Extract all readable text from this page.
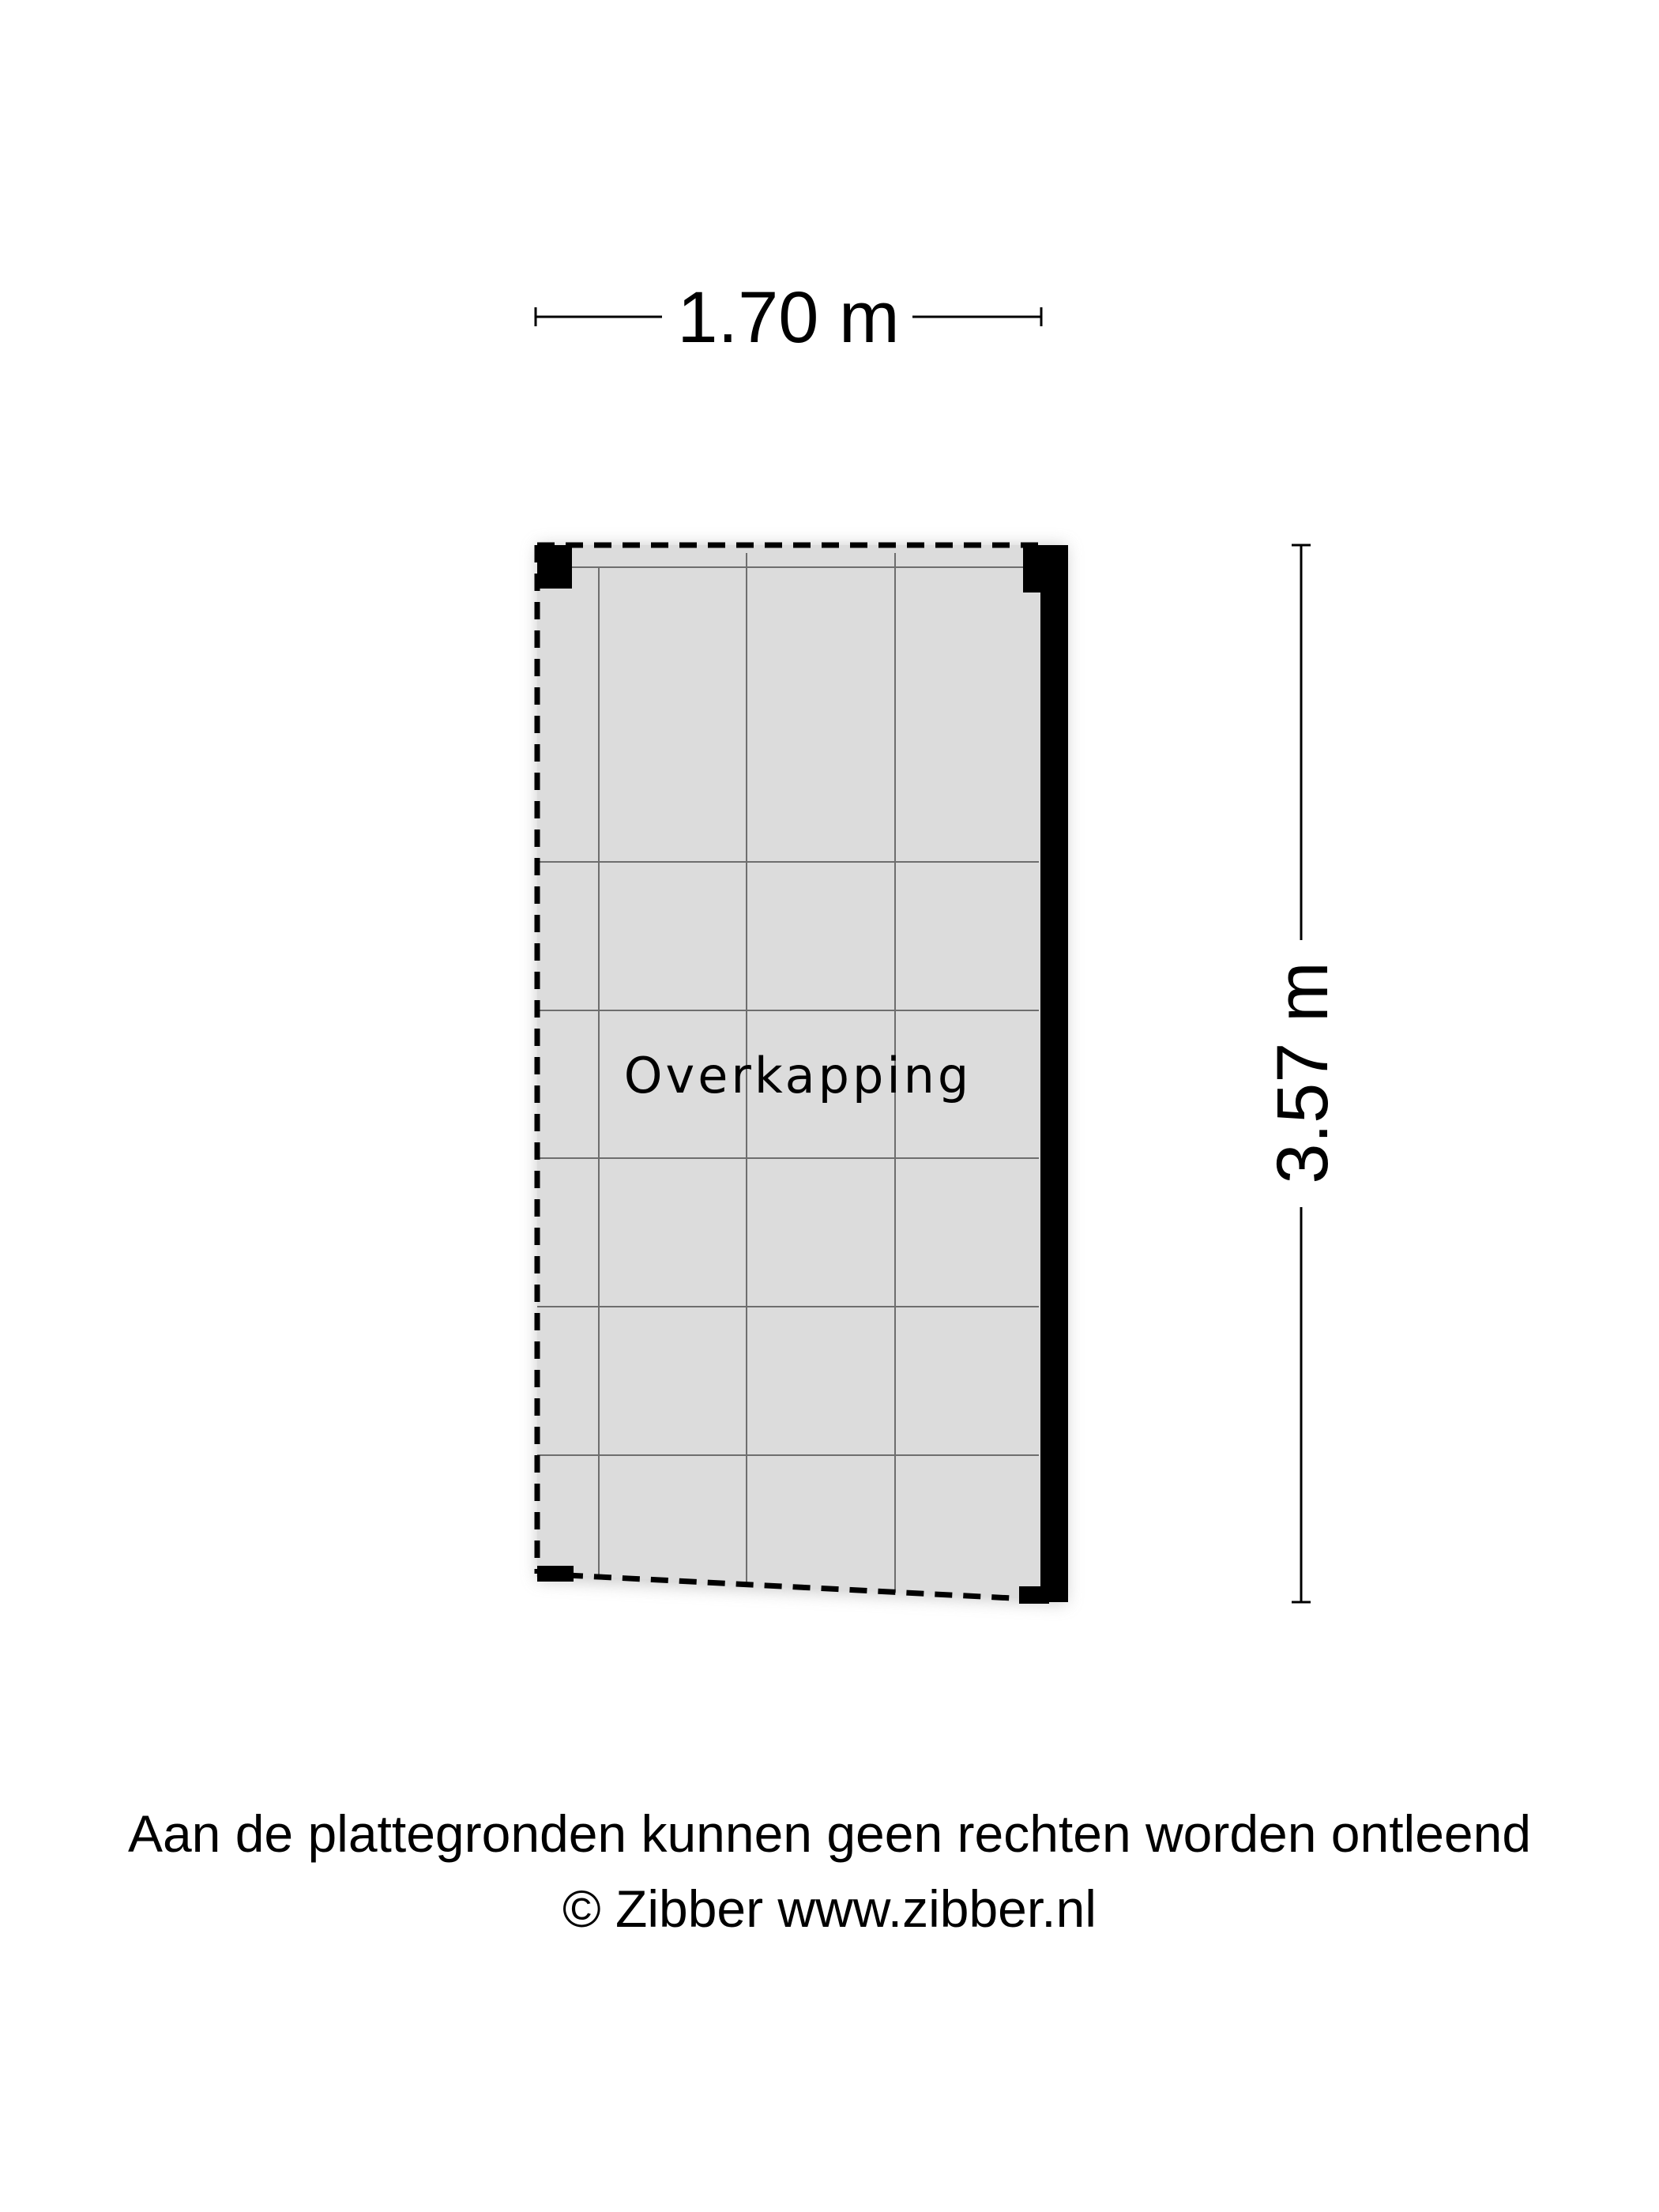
Overkapping
1.70 m
3.57 m
Aan de plattegronden kunnen geen rechten worden ontleend
© Zibber www.zibber.nl
